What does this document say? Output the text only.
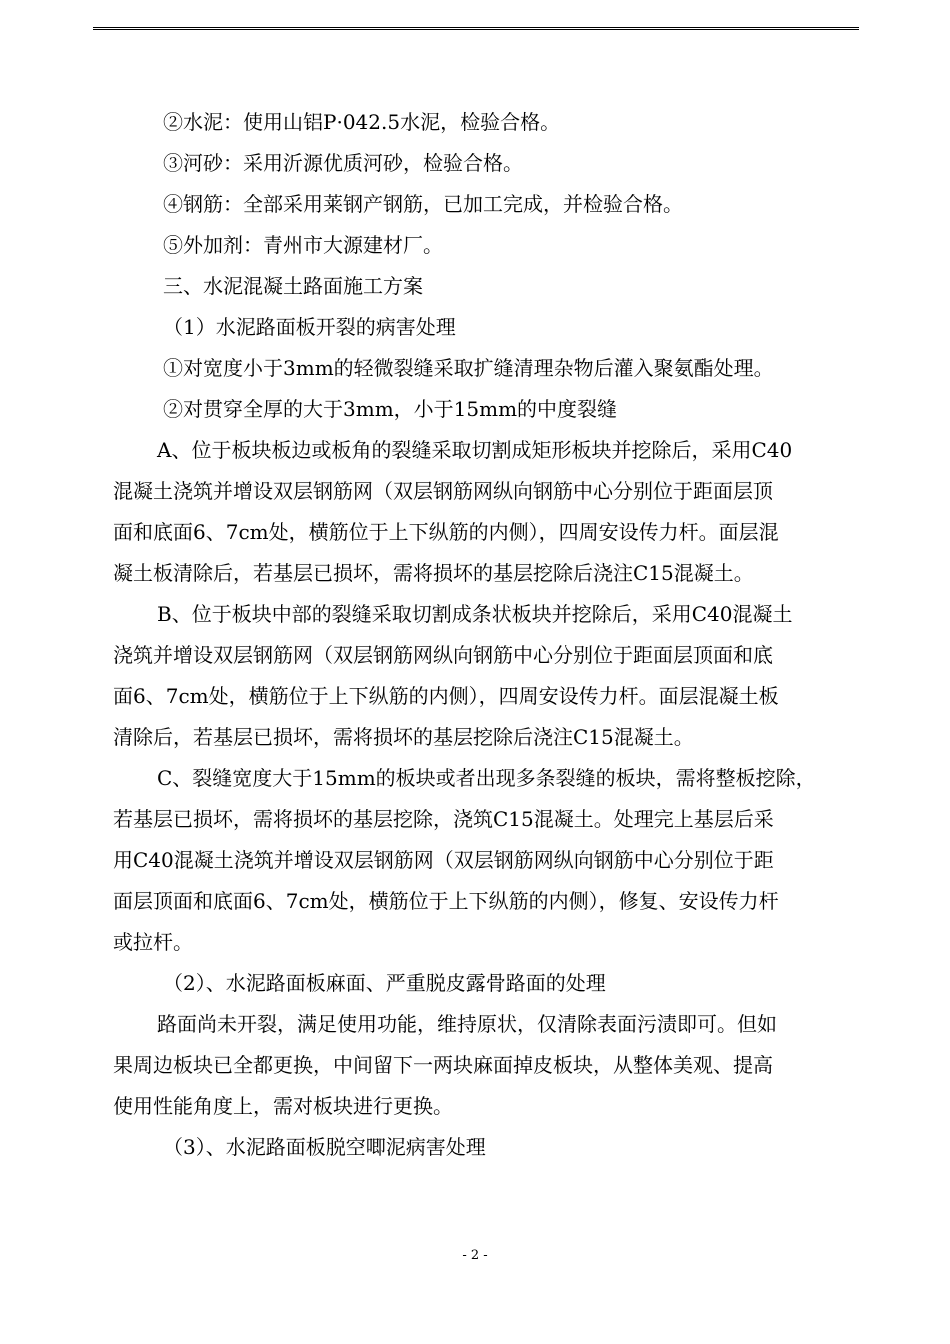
②水泥：使用山铝P·042.5水泥，检验合格。
③河砂：采用沂源优质河砂，检验合格。
④钢筋：全部采用莱钢产钢筋，已加工完成，并检验合格。
⑤外加剂：青州市大源建材厂。
三、水泥混凝土路面施工方案
（1）水泥路面板开裂的病害处理
①对宽度小于3mm的轻微裂缝采取扩缝清理杂物后灌入聚氨酯处理。
②对贯穿全厚的大于3mm，小于15mm的中度裂缝
A、位于板块板边或板角的裂缝采取切割成矩形板块并挖除后，采用C40
混凝土浇筑并增设双层钢筋网（双层钢筋网纵向钢筋中心分别位于距面层顶
面和底面6、7cm处，横筋位于上下纵筋的内侧），四周安设传力杆。面层混
凝土板清除后，若基层已损坏，需将损坏的基层挖除后浇注C15混凝土。
B、位于板块中部的裂缝采取切割成条状板块并挖除后，采用C40混凝土
浇筑并增设双层钢筋网（双层钢筋网纵向钢筋中心分别位于距面层顶面和底
面6、7cm处，横筋位于上下纵筋的内侧），四周安设传力杆。面层混凝土板
清除后，若基层已损坏，需将损坏的基层挖除后浇注C15混凝土。
C、裂缝宽度大于15mm的板块或者出现多条裂缝的板块，需将整板挖除，
若基层已损坏，需将损坏的基层挖除，浇筑C15混凝土。处理完上基层后采
用C40混凝土浇筑并增设双层钢筋网（双层钢筋网纵向钢筋中心分别位于距
面层顶面和底面6、7cm处，横筋位于上下纵筋的内侧），修复、安设传力杆
或拉杆。
（2）、水泥路面板麻面、严重脱皮露骨路面的处理
路面尚未开裂，满足使用功能，维持原状，仅清除表面污渍即可。但如
果周边板块已全都更换，中间留下一两块麻面掉皮板块，从整体美观、提高
使用性能角度上，需对板块进行更换。
（3）、水泥路面板脱空唧泥病害处理
- 2 -
